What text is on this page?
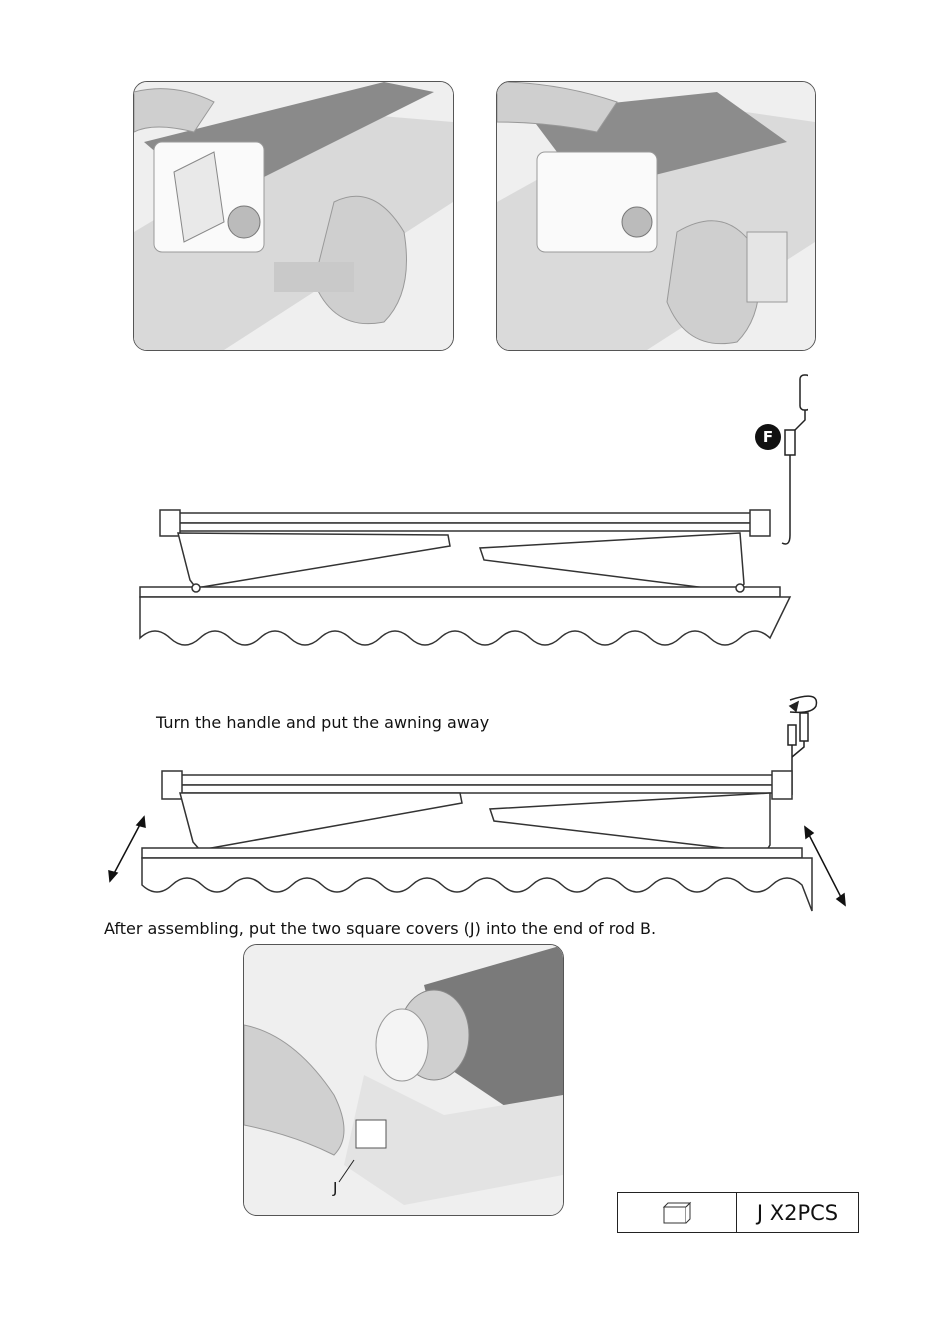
F
Turn the handle and put the awning away
After assembling, put the two square covers (J) into the end of rod B.
J
J X2PCS
